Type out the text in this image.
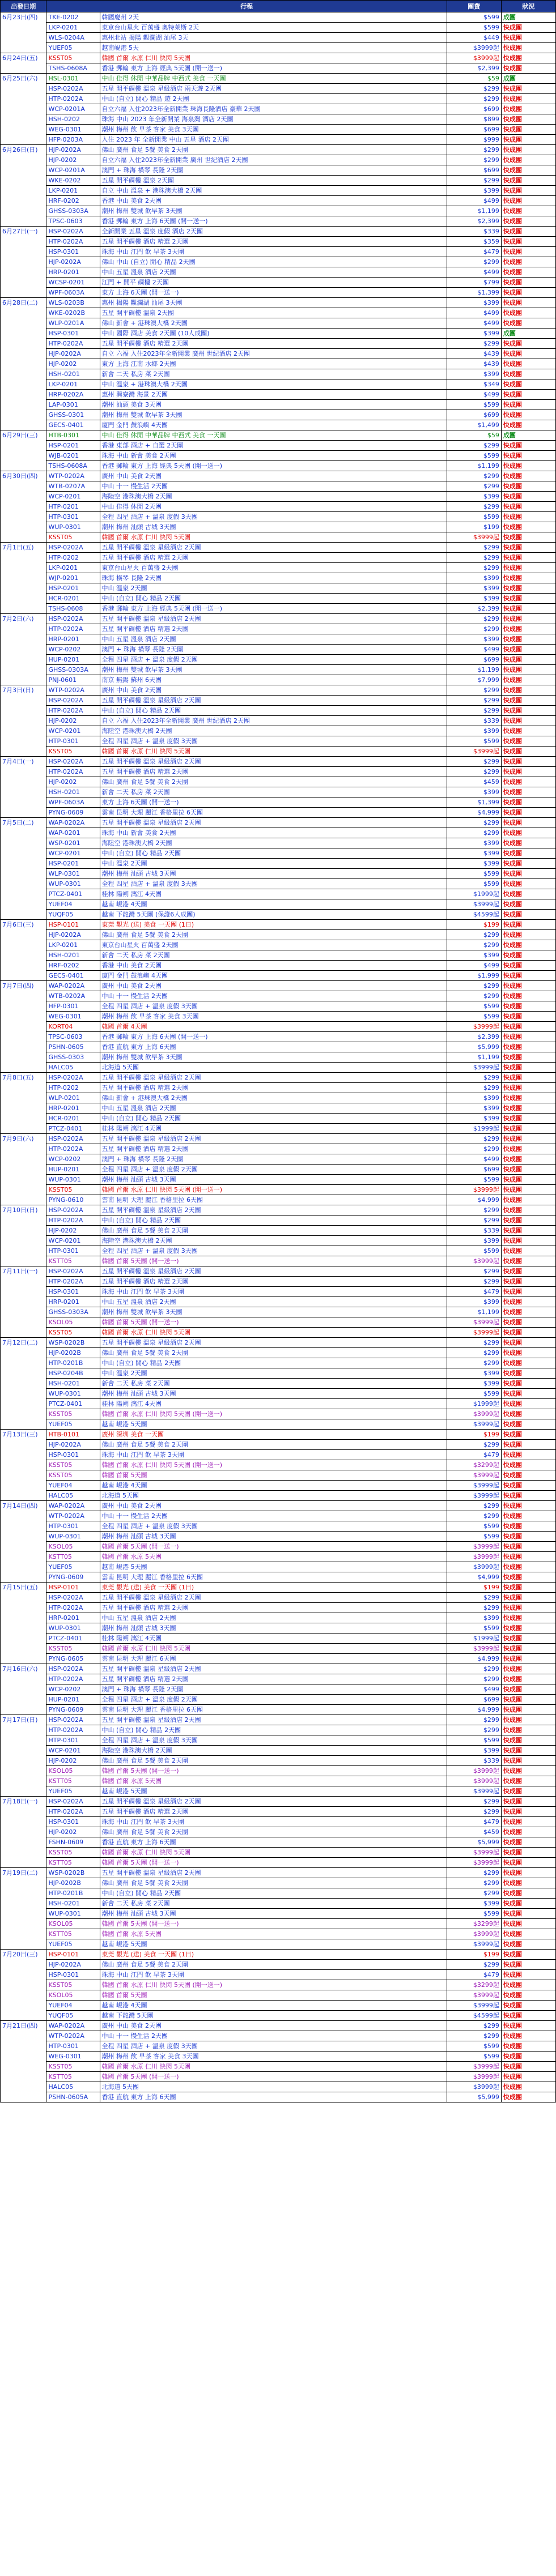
出發日期	行程		團費	狀況
6月23日(四)	TKE-0202	韓國慶州 2天	$599	成團
	LKP-0201	東京台山星火 百萬盛 奧特萊斯 2天	$599	快成團
	WLS-0204A	惠州北站 揭陽 觀瀾湖 汕尾 3天	$449	快成團
	YUEF05	越南峴港 5天	$3999起	快成團
6月24日(五)	KSST05	韓國 首爾 水原 仁川 快閃 5天團	$3999起	快成團
	TSHS-0608A	香港 郵輪 東方 上海 經典 5天團 (開一送一)	$2,399	快成團
6月25日(六)	HSL-0301	中山 佳得 休閒 中華品牌 中西式 美食 一天團	$59	成團
	HSP-0202A	五星 開平碉樓 溫泉 星級酒店 兩天遊 2天團	$299	快成團
	HTP-0202A	中山 (自立) 閒心 精品 遊 2天團	$299	快成團
	WCP-0201A	自立六福 入住2023年全新開業 珠海長隆酒店 豪華 2天團	$699	快成團
	HSH-0202	珠海 中山 2023 年全新開業 海泉灣 酒店 2天團	$899	快成團
	WEG-0301	潮州 梅州 飲 早茶 客家 美食 3天團	$699	快成團
	HFP-0203A	入住 2023 年 全新開業 中山 五星 酒店 2天團	$999	快成團
6月26日(日)	HJP-0202A	佛山 廣州 食足 5餐 美食 2天團	$299	快成團
	HJP-0202	自立六福 入住2023年全新開業 廣州 世紀酒店 2天團	$299	快成團
	WCP-0201A	澳門 + 珠海 橫琴 長隆 2天團	$699	快成團
	WKE-0202	五星 開平碉樓 溫泉 2天團	$299	快成團
	LKP-0201	自立 中山 溫泉 + 港珠澳大橋 2天團	$399	快成團
	HRF-0202	香港 中山 美食 2天團	$499	快成團
	GHSS-0303A	潮州 梅州 雙城 飲早茶 3天團	$1,199	快成團
	TPSC-0603	香港 郵輪 東方 上海 6天團 (開一送一)	$2,399	快成團
6月27日(一)	HSP-0202A	全新開業 五星 溫泉 度假 酒店 2天團	$339	快成團
	HTP-0202A	五星 開平碉樓 酒店 精選 2天團	$359	快成團
	HSP-0301	珠海 中山 江門 飲 早茶 3天團	$479	快成團
	HJP-0202A	佛山 中山 (自立) 閒心 精品 2天團	$299	快成團
	HRP-0201	中山 五星 溫泉 酒店 2天團	$499	快成團
	WCSP-0201	江門 + 開平 碉樓 2天團	$799	快成團
	WPF-0603A	東方 上海 6天團 (開一送一)	$1,399	快成團
6月28日(二)	WLS-0203B	惠州 揭陽 觀瀾湖 汕尾 3天團	$399	快成團
	WKE-0202B	五星 開平碉樓 溫泉 2天團	$499	快成團
	WLP-0201A	佛山 新會 + 港珠澳大橋 2天團	$499	快成團
	HSP-0301	中山 國際 酒店 美食 2天團 (10人成團)	$399	成團
	HTP-0202A	五星 開平碉樓 酒店 精選 2天團	$299	快成團
	HJP-0202A	自立 六福 入住2023年全新開業 廣州 世紀酒店 2天團	$439	快成團
	HJP-0202	東方 上海 江南 水鄉 2天團	$439	快成團
	HSH-0201	新會 二天 私房 菜 2天團	$399	快成團
	LKP-0201	中山 溫泉 + 港珠澳大橋 2天團	$349	快成團
	HRP-0202A	惠州 巽寮灣 海景 2天團	$499	快成團
	LAP-0301	潮州 汕頭 美食 3天團	$599	快成團
	GHSS-0301	潮州 梅州 雙城 飲早茶 3天團	$699	快成團
	GECS-0401	廈門 金門 鼓浪嶼 4天團	$1,499	快成團
6月29日(三)	HTB-0301	中山 佳得 休閒 中華品牌 中西式 美食 一天團	$59	成團
	HSP-0201	香港 東部 酒店 + 自選 2天團	$299	快成團
	WJB-0201	珠海 中山 新會 美食 2天團	$599	快成團
	TSHS-0608A	香港 郵輪 東方 上海 經典 5天團 (開一送一)	$1,199	快成團
6月30日(四)	WTP-0202A	廣州 中山 美食 2天團	$299	快成團
	WTB-0207A	中山 十一 慢生活 2天團	$299	快成團
	WCP-0201	海陸空 港珠澳大橋 2天團	$399	快成團
	HTP-0201	中山 佳得 休閒 2天團	$299	快成團
	HTP-0301	全程 四星 酒店 + 溫泉 度假 3天團	$599	快成團
	WUP-0301	潮州 梅州 汕頭 古城 3天團	$199	快成團
	KSST05	韓國 首爾 水原 仁川 快閃 5天團	$3999起	快成團
7月1日(五)	HSP-0202A	五星 開平碉樓 溫泉 星級酒店 2天團	$299	快成團
	HTP-0202	五星 開平碉樓 酒店 精選 2天團	$299	快成團
	LKP-0201	東京台山星火 百萬盛 2天團	$299	快成團
	WJP-0201	珠海 橫琴 長隆 2天團	$399	快成團
	HSP-0201	中山 溫泉 2天團	$399	快成團
	HCR-0201	中山 (自立) 閒心 精品 2天團	$399	快成團
	TSHS-0608	香港 郵輪 東方 上海 經典 5天團 (開一送一)	$2,399	快成團
7月2日(六)	HSP-0202A	五星 開平碉樓 溫泉 星級酒店 2天團	$299	快成團
	HTP-0202A	五星 開平碉樓 酒店 精選 2天團	$299	快成團
	HRP-0201	中山 五星 溫泉 酒店 2天團	$399	快成團
	WCP-0202	澳門 + 珠海 橫琴 長隆 2天團	$499	快成團
	HUP-0201	全程 四星 酒店 + 溫泉 度假 2天團	$699	快成團
	GHSS-0303A	潮州 梅州 雙城 飲早茶 3天團	$1,199	快成團
	PNJ-0601	南京 無錫 蘇州 6天團	$7,999	快成團
7月3日(日)	WTP-0202A	廣州 中山 美食 2天團	$299	快成團
	HSP-0202A	五星 開平碉樓 溫泉 星級酒店 2天團	$299	快成團
	HTP-0202A	中山 (自立) 閒心 精品 2天團	$299	快成團
	HJP-0202	自立 六福 入住2023年全新開業 廣州 世紀酒店 2天團	$339	快成團
	WCP-0201	海陸空 港珠澳大橋 2天團	$399	快成團
	HTP-0301	全程 四星 酒店 + 溫泉 度假 3天團	$599	快成團
	KSST05	韓國 首爾 水原 仁川 快閃 5天團	$3999起	快成團
7月4日(一)	HSP-0202A	五星 開平碉樓 溫泉 星級酒店 2天團	$299	快成團
	HTP-0202A	五星 開平碉樓 酒店 精選 2天團	$299	快成團
	HJP-0202	佛山 廣州 食足 5餐 美食 2天團	$459	快成團
	HSH-0201	新會 二天 私房 菜 2天團	$399	快成團
	WPF-0603A	東方 上海 6天團 (開一送一)	$1,399	快成團
	PYNG-0609	雲南 昆明 大理 麗江 香格里拉 6天團	$4,999	快成團
7月5日(二)	WAP-0202A	五星 開平碉樓 溫泉 星級酒店 2天團	$299	快成團
	WAP-0201	珠海 中山 新會 美食 2天團	$299	快成團
	WSP-0201	海陸空 港珠澳大橋 2天團	$399	快成團
	WCP-0201	中山 (自立) 閒心 精品 2天團	$399	快成團
	HSP-0201	中山 溫泉 2天團	$399	快成團
	WLP-0301	潮州 梅州 汕頭 古城 3天團	$599	快成團
	WUP-0301	全程 四星 酒店 + 溫泉 度假 3天團	$599	快成團
	PTCZ-0401	桂林 陽朔 漓江 4天團	$1999起	快成團
	YUEF04	越南 峴港 4天團	$3999起	快成團
	YUQF05	越南 下龍灣 5天團 (保證6人成團)	$4599起	快成團
7月6日(三)	HSP-0101	東莞 觀光 (送) 美食 一天團 (1日)	$199	快成團
	HJP-0202A	佛山 廣州 食足 5餐 美食 2天團	$299	快成團
	LKP-0201	東京台山星火 百萬盛 2天團	$299	快成團
	HSH-0201	新會 二天 私房 菜 2天團	$399	快成團
	HRF-0202	香港 中山 美食 2天團	$499	快成團
	GECS-0401	廈門 金門 鼓浪嶼 4天團	$1,999	快成團
7月7日(四)	WAP-0202A	廣州 中山 美食 2天團	$299	快成團
	WTB-0202A	中山 十一 慢生活 2天團	$299	快成團
	HFP-0301	全程 四星 酒店 + 溫泉 度假 3天團	$599	快成團
	WEG-0301	潮州 梅州 飲 早茶 客家 美食 3天團	$599	快成團
	KORT04	韓國 首爾 4天團	$3999起	快成團
	TPSC-0603	香港 郵輪 東方 上海 6天團 (開一送一)	$2,399	快成團
	PSHN-0605	香港 直航 東方 上海 6天團	$5,999	快成團
	GHSS-0303	潮州 梅州 雙城 飲早茶 3天團	$1,199	快成團
	HALC05	北海道 5天團	$3999起	快成團
7月8日(五)	HSP-0202A	五星 開平碉樓 溫泉 星級酒店 2天團	$299	快成團
	HTP-0202	五星 開平碉樓 酒店 精選 2天團	$299	快成團
	WLP-0201	佛山 新會 + 港珠澳大橋 2天團	$399	快成團
	HRP-0201	中山 五星 溫泉 酒店 2天團	$399	快成團
	HCR-0201	中山 (自立) 閒心 精品 2天團	$399	快成團
	PTCZ-0401	桂林 陽朔 漓江 4天團	$1999起	快成團
7月9日(六)	HSP-0202A	五星 開平碉樓 溫泉 星級酒店 2天團	$299	快成團
	HTP-0202A	五星 開平碉樓 酒店 精選 2天團	$299	快成團
	WCP-0202	澳門 + 珠海 橫琴 長隆 2天團	$499	快成團
	HUP-0201	全程 四星 酒店 + 溫泉 度假 2天團	$699	快成團
	WUP-0301	潮州 梅州 汕頭 古城 3天團	$599	快成團
	KSST05	韓國 首爾 水原 仁川 快閃 5天團 (開一送一)	$3999起	快成團
	PYNG-0610	雲南 昆明 大理 麗江 香格里拉 6天團	$4,999	快成團
7月10日(日)	HSP-0202A	五星 開平碉樓 溫泉 星級酒店 2天團	$299	快成團
	HTP-0202A	中山 (自立) 閒心 精品 2天團	$299	快成團
	HJP-0202	佛山 廣州 食足 5餐 美食 2天團	$339	快成團
	WCP-0201	海陸空 港珠澳大橋 2天團	$399	快成團
	HTP-0301	全程 四星 酒店 + 溫泉 度假 3天團	$599	快成團
	KSTT05	韓國 首爾 5天團 (開一送一)	$3999起	快成團
7月11日(一)	HSP-0202A	五星 開平碉樓 溫泉 星級酒店 2天團	$299	快成團
	HTP-0202A	五星 開平碉樓 酒店 精選 2天團	$299	快成團
	HSP-0301	珠海 中山 江門 飲 早茶 3天團	$479	快成團
	HRP-0201	中山 五星 溫泉 酒店 2天團	$399	快成團
	GHSS-0303A	潮州 梅州 雙城 飲早茶 3天團	$1,199	快成團
	KSOL05	韓國 首爾 5天團 (開一送一)	$3999起	快成團
	KSST05	韓國 首爾 水原 仁川 快閃 5天團	$3999起	快成團
7月12日(二)	WSP-0202B	五星 開平碉樓 溫泉 星級酒店 2天團	$299	快成團
	HJP-0202B	佛山 廣州 食足 5餐 美食 2天團	$299	快成團
	HTP-0201B	中山 (自立) 閒心 精品 2天團	$299	快成團
	HSP-0204B	中山 溫泉 2天團	$399	快成團
	HSH-0201	新會 二天 私房 菜 2天團	$399	快成團
	WUP-0301	潮州 梅州 汕頭 古城 3天團	$599	快成團
	PTCZ-0401	桂林 陽朔 漓江 4天團	$1999起	快成團
	KSST05	韓國 首爾 水原 仁川 快閃 5天團 (開一送一)	$3999起	快成團
	YUEF05	越南 峴港 5天團	$3999起	快成團
7月13日(三)	HTB-0101	廣州 深圳 美食 一天團	$199	快成團
	HJP-0202A	佛山 廣州 食足 5餐 美食 2天團	$299	快成團
	HSP-0301	珠海 中山 江門 飲 早茶 3天團	$479	快成團
	KSST05	韓國 首爾 水原 仁川 快閃 5天團 (開一送一)	$3299起	快成團
	KSST05	韓國 首爾 5天團	$3999起	快成團
	YUEF04	越南 峴港 4天團	$3999起	快成團
	HALC05	北海道 5天團	$3999起	快成團
7月14日(四)	WAP-0202A	廣州 中山 美食 2天團	$299	快成團
	WTP-0202A	中山 十一 慢生活 2天團	$299	快成團
	HTP-0301	全程 四星 酒店 + 溫泉 度假 3天團	$599	快成團
	WUP-0301	潮州 梅州 汕頭 古城 3天團	$599	快成團
	KSOL05	韓國 首爾 5天團 (開一送一)	$3999起	快成團
	KSTT05	韓國 首爾 水原 5天團	$3999起	快成團
	YUEF05	越南 峴港 5天團	$3999起	快成團
	PYNG-0609	雲南 昆明 大理 麗江 香格里拉 6天團	$4,999	快成團
7月15日(五)	HSP-0101	東莞 觀光 (送) 美食 一天團 (1日)	$199	快成團
	HSP-0202A	五星 開平碉樓 溫泉 星級酒店 2天團	$299	快成團
	HTP-0202A	五星 開平碉樓 酒店 精選 2天團	$299	快成團
	HRP-0201	中山 五星 溫泉 酒店 2天團	$399	快成團
	WUP-0301	潮州 梅州 汕頭 古城 3天團	$599	快成團
	PTCZ-0401	桂林 陽朔 漓江 4天團	$1999起	快成團
	KSST05	韓國 首爾 水原 仁川 快閃 5天團	$3999起	快成團
	PYNG-0605	雲南 昆明 大理 麗江 6天團	$4,999	快成團
7月16日(六)	HSP-0202A	五星 開平碉樓 溫泉 星級酒店 2天團	$299	快成團
	HTP-0202A	五星 開平碉樓 酒店 精選 2天團	$299	快成團
	WCP-0202	澳門 + 珠海 橫琴 長隆 2天團	$499	快成團
	HUP-0201	全程 四星 酒店 + 溫泉 度假 2天團	$699	快成團
	PYNG-0609	雲南 昆明 大理 麗江 香格里拉 6天團	$4,999	快成團
7月17日(日)	HSP-0202A	五星 開平碉樓 溫泉 星級酒店 2天團	$299	快成團
	HTP-0202A	中山 (自立) 閒心 精品 2天團	$299	快成團
	HTP-0301	全程 四星 酒店 + 溫泉 度假 3天團	$599	快成團
	WCP-0201	海陸空 港珠澳大橋 2天團	$399	快成團
	HJP-0202	佛山 廣州 食足 5餐 美食 2天團	$339	快成團
	KSOL05	韓國 首爾 5天團 (開一送一)	$3999起	快成團
	KSTT05	韓國 首爾 水原 5天團	$3999起	快成團
	YUEF05	越南 峴港 5天團	$3999起	快成團
7月18日(一)	HSP-0202A	五星 開平碉樓 溫泉 星級酒店 2天團	$299	快成團
	HTP-0202A	五星 開平碉樓 酒店 精選 2天團	$299	快成團
	HSP-0301	珠海 中山 江門 飲 早茶 3天團	$479	快成團
	HJP-0202	佛山 廣州 食足 5餐 美食 2天團	$459	快成團
	FSHN-0609	香港 直航 東方 上海 6天團	$5,999	快成團
	KSST05	韓國 首爾 水原 仁川 快閃 5天團	$3999起	快成團
	KSTT05	韓國 首爾 5天團 (開一送一)	$3999起	快成團
7月19日(二)	WSP-0202B	五星 開平碉樓 溫泉 星級酒店 2天團	$299	快成團
	HJP-0202B	佛山 廣州 食足 5餐 美食 2天團	$299	快成團
	HTP-0201B	中山 (自立) 閒心 精品 2天團	$299	快成團
	HSH-0201	新會 二天 私房 菜 2天團	$399	快成團
	WUP-0301	潮州 梅州 汕頭 古城 3天團	$599	快成團
	KSOL05	韓國 首爾 5天團 (開一送一)	$3299起	快成團
	KSTT05	韓國 首爾 水原 5天團	$3999起	快成團
	YUEF05	越南 峴港 5天團	$3999起	快成團
7月20日(三)	HSP-0101	東莞 觀光 (送) 美食 一天團 (1日)	$199	快成團
	HJP-0202A	佛山 廣州 食足 5餐 美食 2天團	$299	快成團
	HSP-0301	珠海 中山 江門 飲 早茶 3天團	$479	快成團
	KSST05	韓國 首爾 水原 仁川 快閃 5天團 (開一送一)	$3299起	快成團
	KSOL05	韓國 首爾 5天團	$3999起	快成團
	YUEF04	越南 峴港 4天團	$3999起	快成團
	YUQF05	越南 下龍灣 5天團	$4599起	快成團
7月21日(四)	WAP-0202A	廣州 中山 美食 2天團	$299	快成團
	WTP-0202A	中山 十一 慢生活 2天團	$299	快成團
	HTP-0301	全程 四星 酒店 + 溫泉 度假 3天團	$599	快成團
	WEG-0301	潮州 梅州 飲 早茶 客家 美食 3天團	$599	快成團
	KSST05	韓國 首爾 水原 仁川 快閃 5天團	$3999起	快成團
	KSTT05	韓國 首爾 5天團 (開一送一)	$3999起	快成團
	HALC05	北海道 5天團	$3999起	快成團
	PSHN-0605A	香港 直航 東方 上海 6天團	$5,999	快成團
